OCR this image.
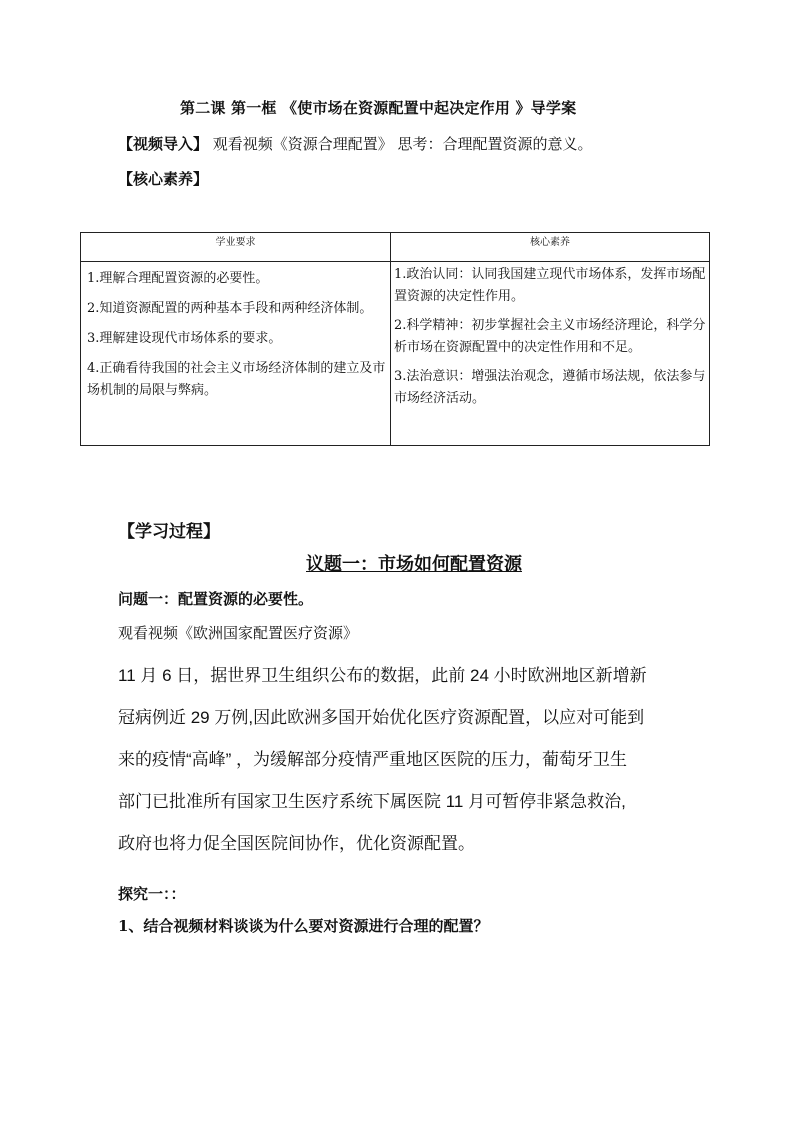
第二课 第一框 《使市场在资源配置中起决定作用 》导学案
【视频导入】 观看视频《资源合理配置》 思考：合理配置资源的意义。
【核心素养】
学业要求	核心素养

1.理解合理配置资源的必要性。

2.知道资源配置的两种基本手段和两种经济体制。

3.理解建设现代市场体系的要求。

4.正确看待我国的社会主义市场经济体制的建立及市场机制的局限与弊病。

1.政治认同：认同我国建立现代市场体系，发挥市场配置资源的决定性作用。

2.科学精神：初步掌握社会主义市场经济理论，科学分析市场在资源配置中的决定性作用和不足。

3.法治意识：增强法治观念，遵循市场法规，依法参与市场经济活动。

【学习过程】
议题一：市场如何配置资源
问题一：配置资源的必要性。
观看视频《欧洲国家配置医疗资源》
11 月 6 日，据世界卫生组织公布的数据，此前 24 小时欧洲地区新增新
冠病例近 29 万例,因此欧洲多国开始优化医疗资源配置，以应对可能到
来的疫情“高峰” ，为缓解部分疫情严重地区医院的压力，葡萄牙卫生
部门已批准所有国家卫生医疗系统下属医院 11 月可暂停非紧急救治,
政府也将力促全国医院间协作，优化资源配置。
探究一：：
1、结合视频材料谈谈为什么要对资源进行合理的配置？
